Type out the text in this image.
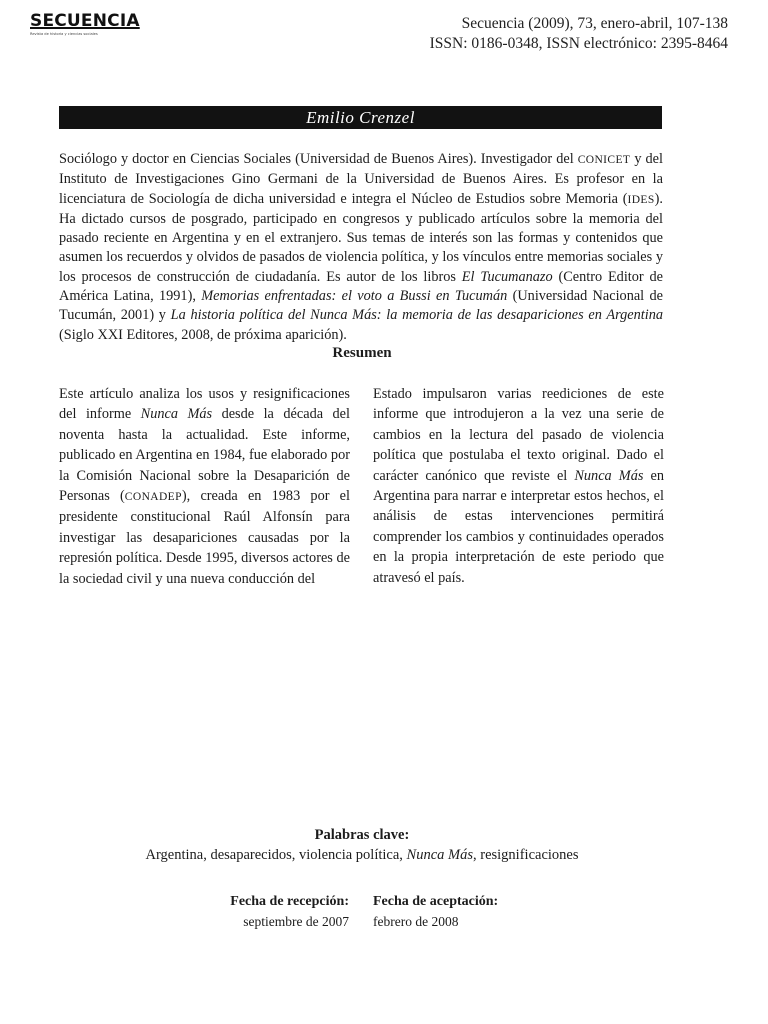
SECUENCIA
Revista de historia y ciencias sociales
Secuencia (2009), 73, enero-abril, 107-138
ISSN: 0186-0348, ISSN electrónico: 2395-8464
Emilio Crenzel

Sociólogo y doctor en Ciencias Sociales (Universidad de Buenos Aires). Investigador del CONICET y del Instituto de Investigaciones Gino Germani de la Universidad de Buenos Aires. Es profesor en la licenciatura de Sociología de dicha universidad e integra el Núcleo de Estudios sobre Memoria (IDES). Ha dictado cursos de posgrado, participado en congresos y publicado artículos sobre la memoria del pasado reciente en Argentina y en el extranjero. Sus temas de interés son las formas y contenidos que asumen los recuerdos y olvidos de pasados de violencia política, y los vínculos entre memorias sociales y los procesos de construcción de ciudadanía. Es autor de los libros El Tucumanazo (Centro Editor de América Latina, 1991), Memorias enfrentadas: el voto a Bussi en Tucumán (Universidad Nacional de Tucumán, 2001) y La historia política del Nunca Más: la memoria de las desapariciones en Argentina (Siglo XXI Editores, 2008, de próxima aparición).

Resumen

Este artículo analiza los usos y resignificaciones del informe Nunca Más desde la década del noventa hasta la actualidad. Este informe, publicado en Argentina en 1984, fue elaborado por la Comisión Nacional sobre la Desaparición de Personas (CONADEP), creada en 1983 por el presidente constitucional Raúl Alfonsín para investigar las desapariciones causadas por la represión política. Desde 1995, diversos actores de la sociedad civil y una nueva conducción del

Estado impulsaron varias reediciones de este informe que introdujeron a la vez una serie de cambios en la lectura del pasado de violencia política que postulaba el texto original. Dado el carácter canónico que reviste el Nunca Más en Argentina para narrar e interpretar estos hechos, el análisis de estas intervenciones permitirá comprender los cambios y continuidades operados en la propia interpretación de este periodo que atravesó el país.

Palabras clave:
Argentina, desaparecidos, violencia política, Nunca Más, resignificaciones
Fecha de recepción:
septiembre de 2007
Fecha de aceptación:
febrero de 2008
